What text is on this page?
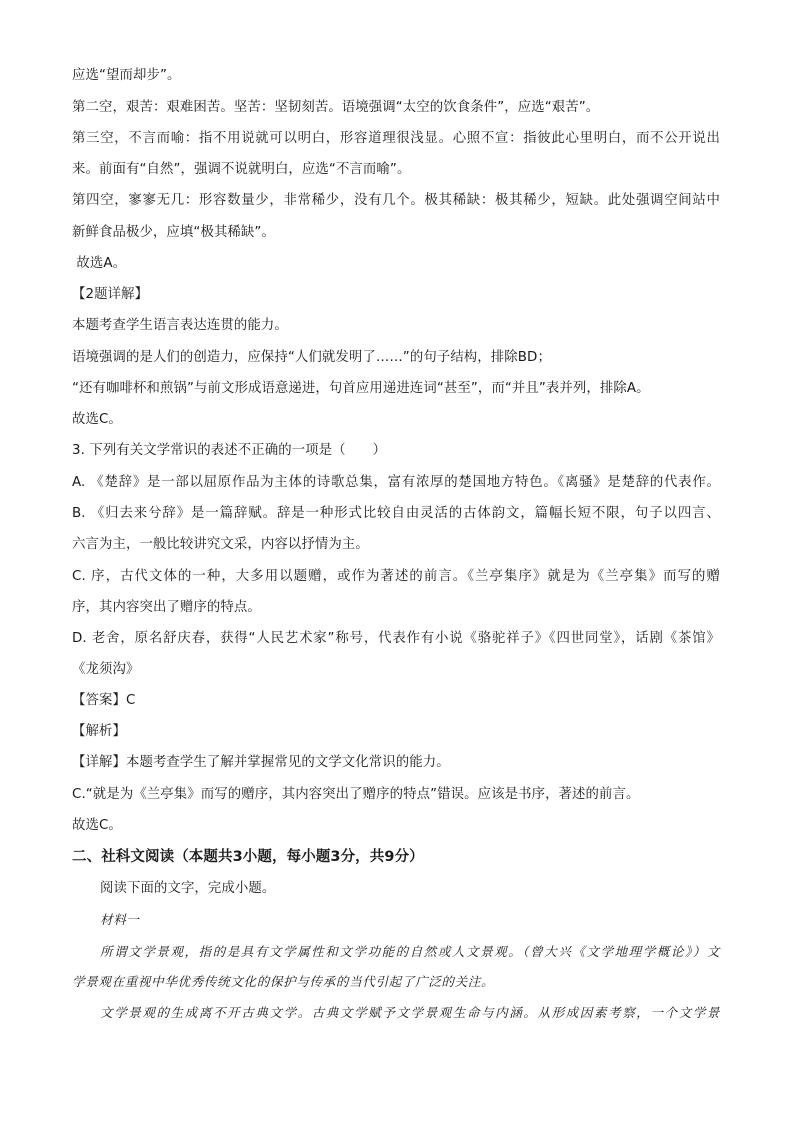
应选“望而却步”。

第二空，艰苦：艰难困苦。坚苦：坚韧刻苦。语境强调“太空的饮食条件”，应选“艰苦”。

第三空，不言而喻：指不用说就可以明白，形容道理很浅显。心照不宣：指彼此心里明白，而不公开说出

来。前面有“自然”，强调不说就明白，应选“不言而喻”。

第四空，寥寥无几：形容数量少，非常稀少，没有几个。极其稀缺：极其稀少，短缺。此处强调空间站中

新鲜食品极少，应填“极其稀缺”。

故选A。

【2题详解】

本题考查学生语言表达连贯的能力。

语境强调的是人们的创造力，应保持“人们就发明了……”的句子结构，排除BD；

“还有咖啡杯和煎锅”与前文形成语意递进，句首应用递进连词“甚至”，而“并且”表并列，排除A。

故选C。

3. 下列有关文学常识的表述不正确的一项是（　　）

A. 《楚辞》是一部以屈原作品为主体的诗歌总集，富有浓厚的楚国地方特色。《离骚》是楚辞的代表作。

B. 《归去来兮辞》是一篇辞赋。辞是一种形式比较自由灵活的古体韵文，篇幅长短不限，句子以四言、

六言为主，一般比较讲究文采，内容以抒情为主。

C. 序，古代文体的一种，大多用以题赠，或作为著述的前言。《兰亭集序》就是为《兰亭集》而写的赠

序，其内容突出了赠序的特点。

D. 老舍，原名舒庆春，获得“人民艺术家”称号，代表作有小说《骆驼祥子》《四世同堂》，话剧《茶馆》

《龙须沟》

【答案】C

【解析】

【详解】本题考查学生了解并掌握常见的文学文化常识的能力。

C.“就是为《兰亭集》而写的赠序，其内容突出了赠序的特点”错误。应该是书序，著述的前言。

故选C。

二、社科文阅读（本题共3小题，每小题3分，共9分）

阅读下面的文字，完成小题。

材料一

所谓文学景观，指的是具有文学属性和文学功能的自然或人文景观。（曾大兴《文学地理学概论》）文

学景观在重视中华优秀传统文化的保护与传承的当代引起了广泛的关注。

文学景观的生成离不开古典文学。古典文学赋予文学景观生命与内涵。从形成因素考察，一个文学景
